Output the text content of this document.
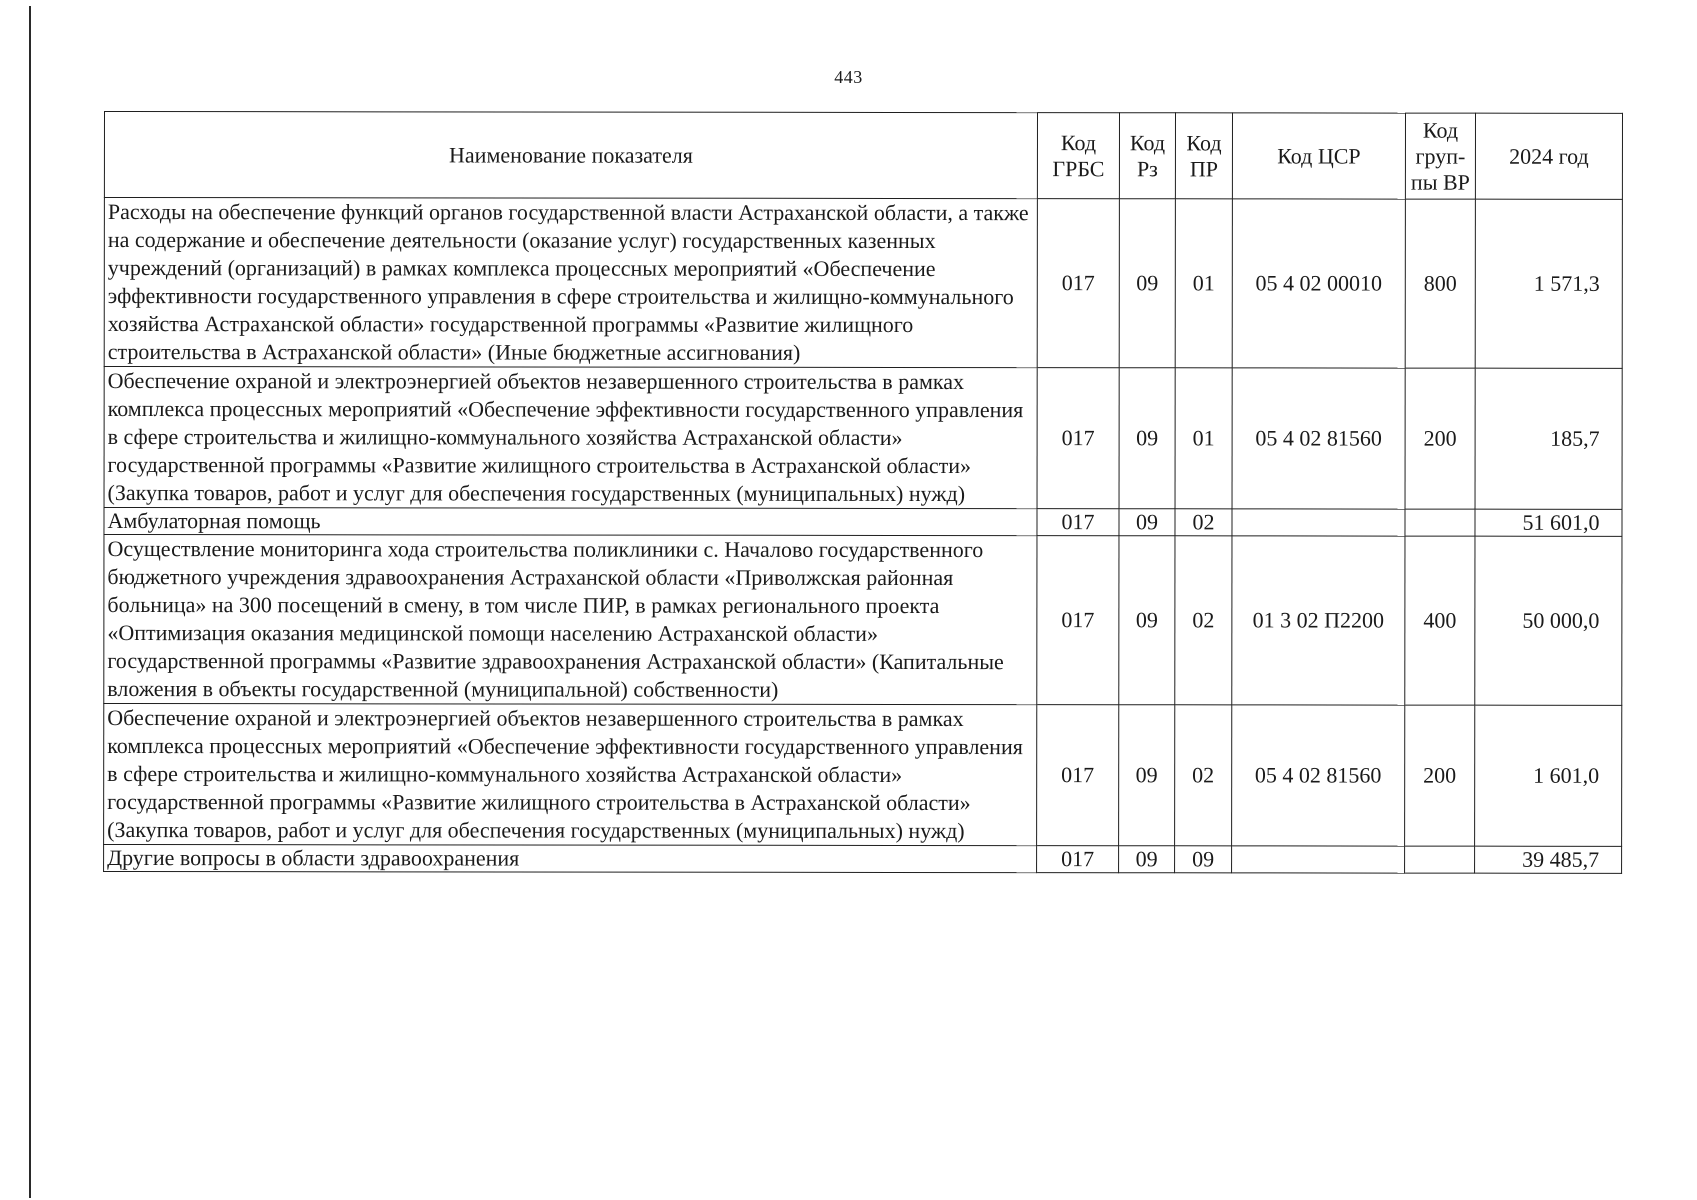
443
Наименование показателя	Код ГРБС	Код Рз	Код ПР	Код ЦСР	Код груп-пы ВР	2024 год
Расходы на обеспечение функций органов государственной власти Астраханской области, а также на содержание и обеспечение деятельности (оказание услуг) государственных казенных учреждений (организаций) в рамках комплекса процессных мероприятий «Обеспечение эффективности государственного управления в сфере строительства и жилищно-коммунального хозяйства Астраханской области» государственной программы «Развитие жилищного строительства в Астраханской области» (Иные бюджетные ассигнования)	017	09	01	05 4 02 00010	800	1 571,3
Обеспечение охраной и электроэнергией объектов незавершенного строительства в рамках комплекса процессных мероприятий «Обеспечение эффективности государственного управления в сфере строительства и жилищно-коммунального хозяйства Астраханской области» государственной программы «Развитие жилищного строительства в Астраханской области» (Закупка товаров, работ и услуг для обеспечения государственных (муниципальных) нужд)	017	09	01	05 4 02 81560	200	185,7
Амбулаторная помощь	017	09	02			51 601,0
Осуществление мониторинга хода строительства поликлиники с. Началово государственного бюджетного учреждения здравоохранения Астраханской области «Приволжская районная больница» на 300 посещений в смену, в том числе ПИР, в рамках регионального проекта «Оптимизация оказания медицинской помощи населению Астраханской области» государственной программы «Развитие здравоохранения Астраханской области» (Капитальные вложения в объекты государственной (муниципальной) собственности)	017	09	02	01 3 02 П2200	400	50 000,0
Обеспечение охраной и электроэнергией объектов незавершенного строительства в рамках комплекса процессных мероприятий «Обеспечение эффективности государственного управления в сфере строительства и жилищно-коммунального хозяйства Астраханской области» государственной программы «Развитие жилищного строительства в Астраханской области» (Закупка товаров, работ и услуг для обеспечения государственных (муниципальных) нужд)	017	09	02	05 4 02 81560	200	1 601,0
Другие вопросы в области здравоохранения	017	09	09			39 485,7
